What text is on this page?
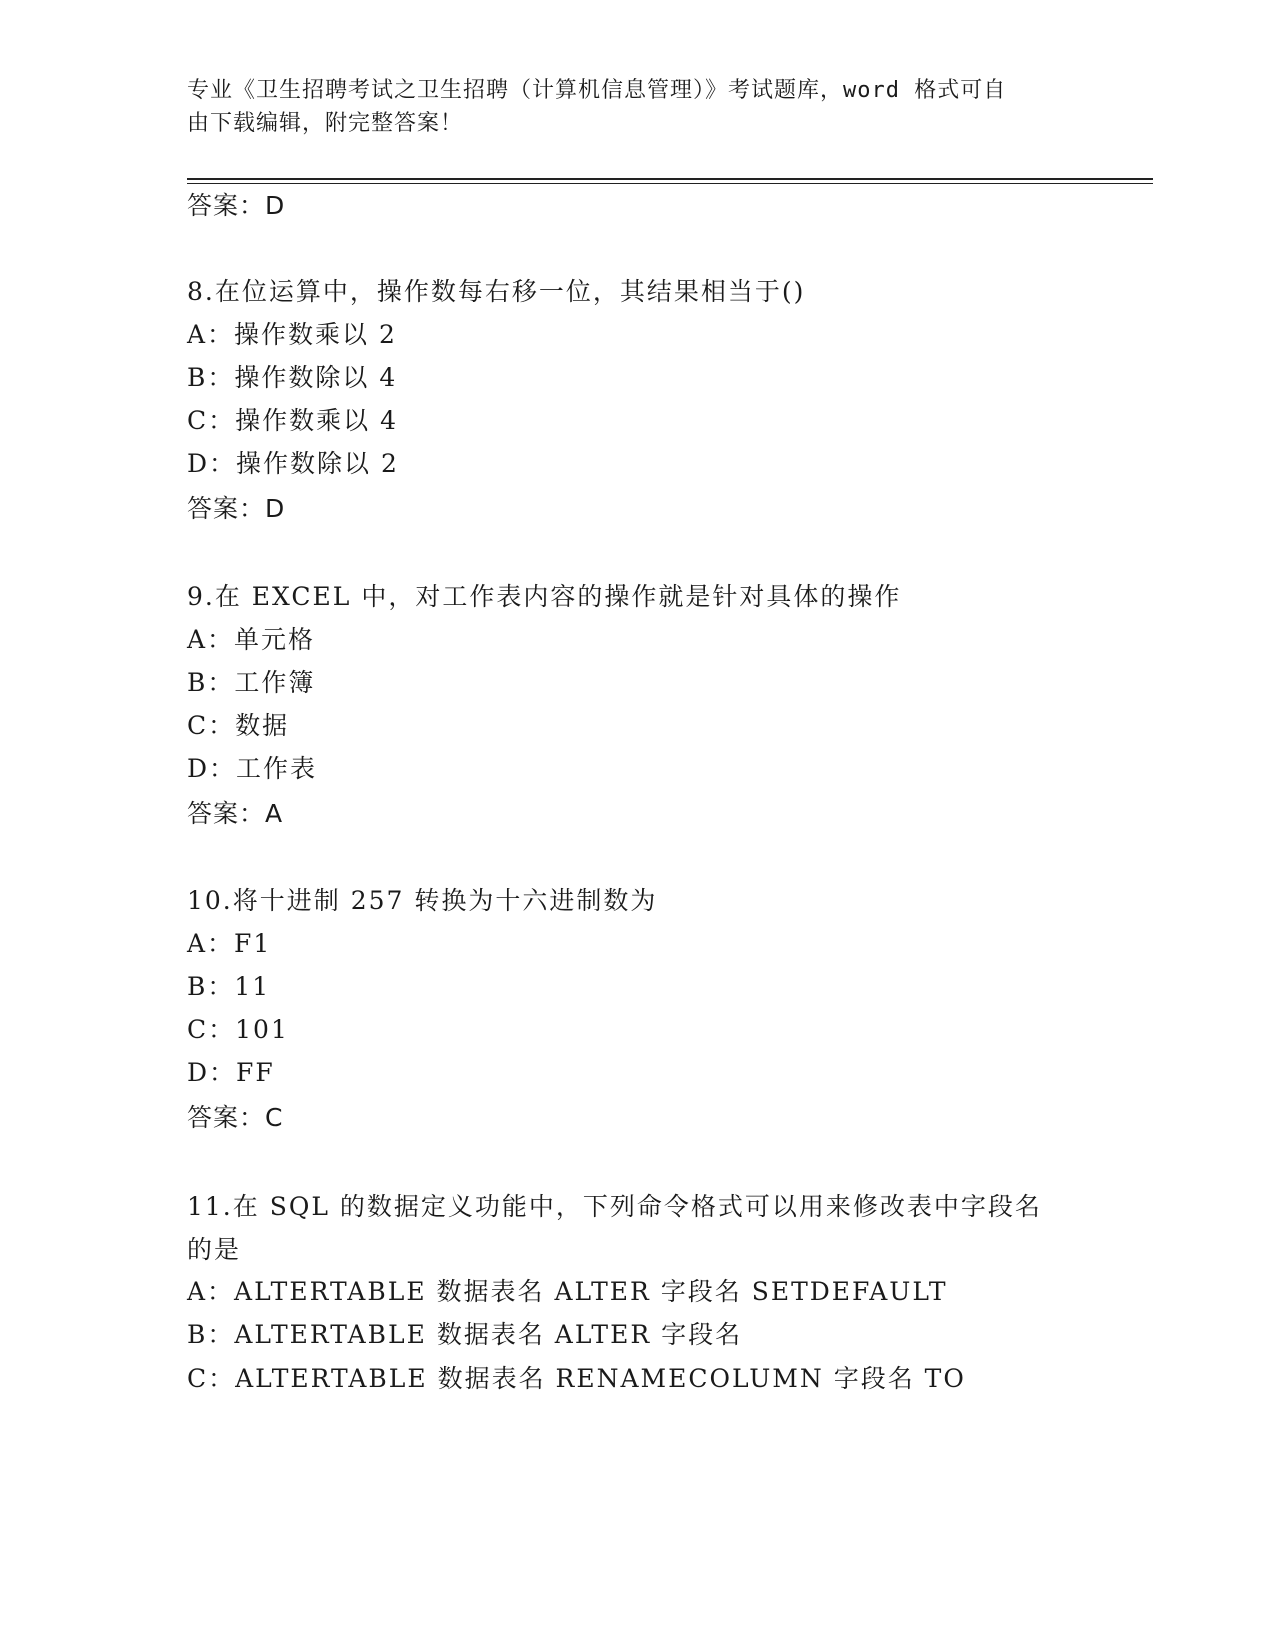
专业《卫生招聘考试之卫生招聘（计算机信息管理）》考试题库，word 格式可自
由下载编辑，附完整答案！
答案：D
8.在位运算中，操作数每右移一位，其结果相当于()
A：操作数乘以 2
B：操作数除以 4
C：操作数乘以 4
D：操作数除以 2
答案：D
9.在 EXCEL 中，对工作表内容的操作就是针对具体的操作
A：单元格
B：工作簿
C：数据
D：工作表
答案：A
10.将十进制 257 转换为十六进制数为
A：F1
B：11
C：101
D：FF
答案：C
11.在 SQL 的数据定义功能中，下列命令格式可以用来修改表中字段名的是
A：ALTERTABLE 数据表名 ALTER 字段名 SETDEFAULT
B：ALTERTABLE 数据表名 ALTER 字段名
C：ALTERTABLE 数据表名 RENAMECOLUMN 字段名 TO
